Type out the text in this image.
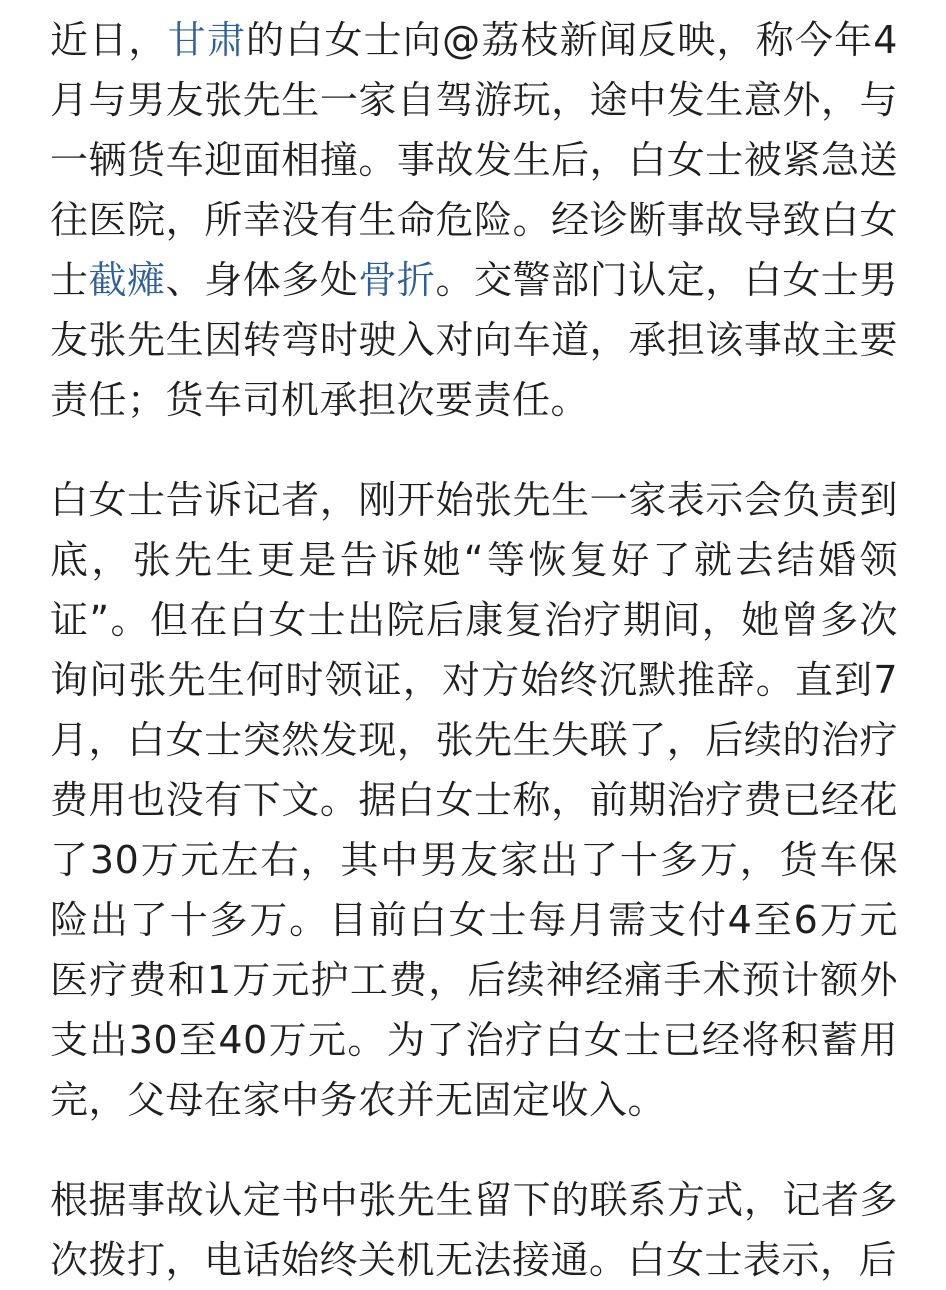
近日，甘肃的白女士向@荔枝新闻反映，称今年4月与男友张先生一家自驾游玩，途中发生意外，与一辆货车迎面相撞。事故发生后，白女士被紧急送往医院，所幸没有生命危险。经诊断事故导致白女士截瘫、身体多处骨折。交警部门认定，白女士男友张先生因转弯时驶入对向车道，承担该事故主要责任；货车司机承担次要责任。

白女士告诉记者，刚开始张先生一家表示会负责到底，张先生更是告诉她“等恢复好了就去结婚领证”。但在白女士出院后康复治疗期间，她曾多次询问张先生何时领证，对方始终沉默推辞。直到7月，白女士突然发现，张先生失联了，后续的治疗费用也没有下文。据白女士称，前期治疗费已经花了30万元左右，其中男友家出了十多万，货车保险出了十多万。目前白女士每月需支付4至6万元医疗费和1万元护工费，后续神经痛手术预计额外支出30至40万元。为了治疗白女士已经将积蓄用完，父母在家中务农并无固定收入。

根据事故认定书中张先生留下的联系方式，记者多次拨打，电话始终关机无法接通。白女士表示，后
